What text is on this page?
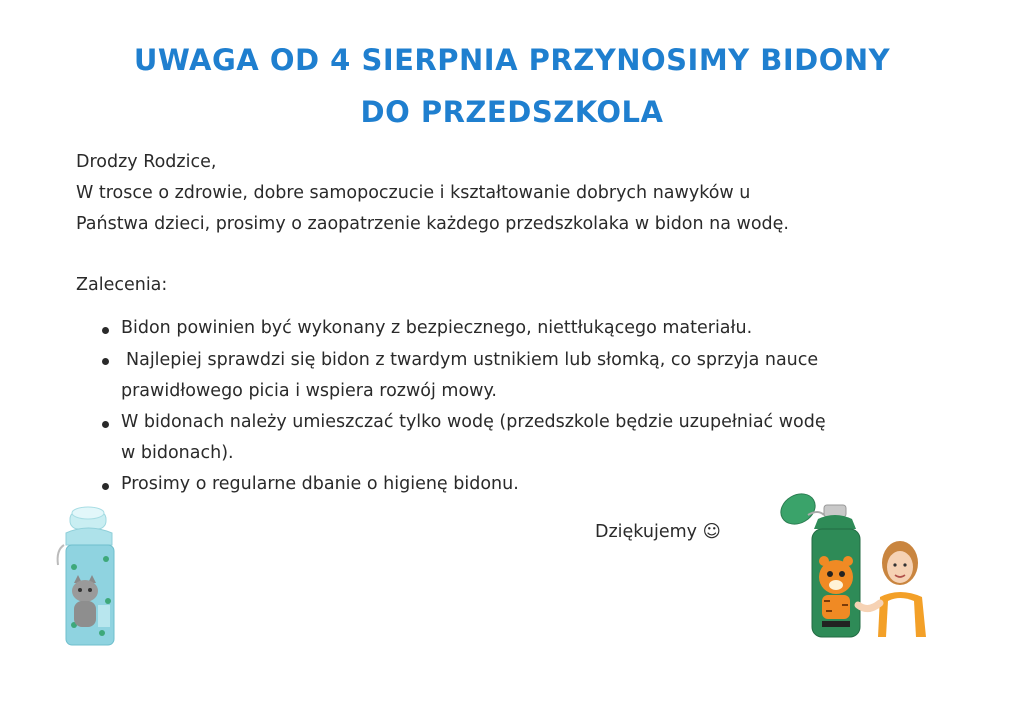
UWAGA OD 4 SIERPNIA PRZYNOSIMY BIDONY
DO PRZEDSZKOLA
Drodzy Rodzice,
W trosce o zdrowie, dobre samopoczucie i kształtowanie dobrych nawyków u
Państwa dzieci, prosimy o zaopatrzenie każdego przedszkolaka w bidon na wodę.
Zalecenia:
Bidon powinien być wykonany z bezpiecznego, niettłukącego materiału.
Najlepiej sprawdzi się bidon z twardym ustnikiem lub słomką, co sprzyja nauce
prawidłowego picia i wspiera rozwój mowy.
W bidonach należy umieszczać tylko wodę (przedszkole będzie uzupełniać wodę
w bidonach).
Prosimy o regularne dbanie o higienę bidonu.
Dziękujemy ☺
